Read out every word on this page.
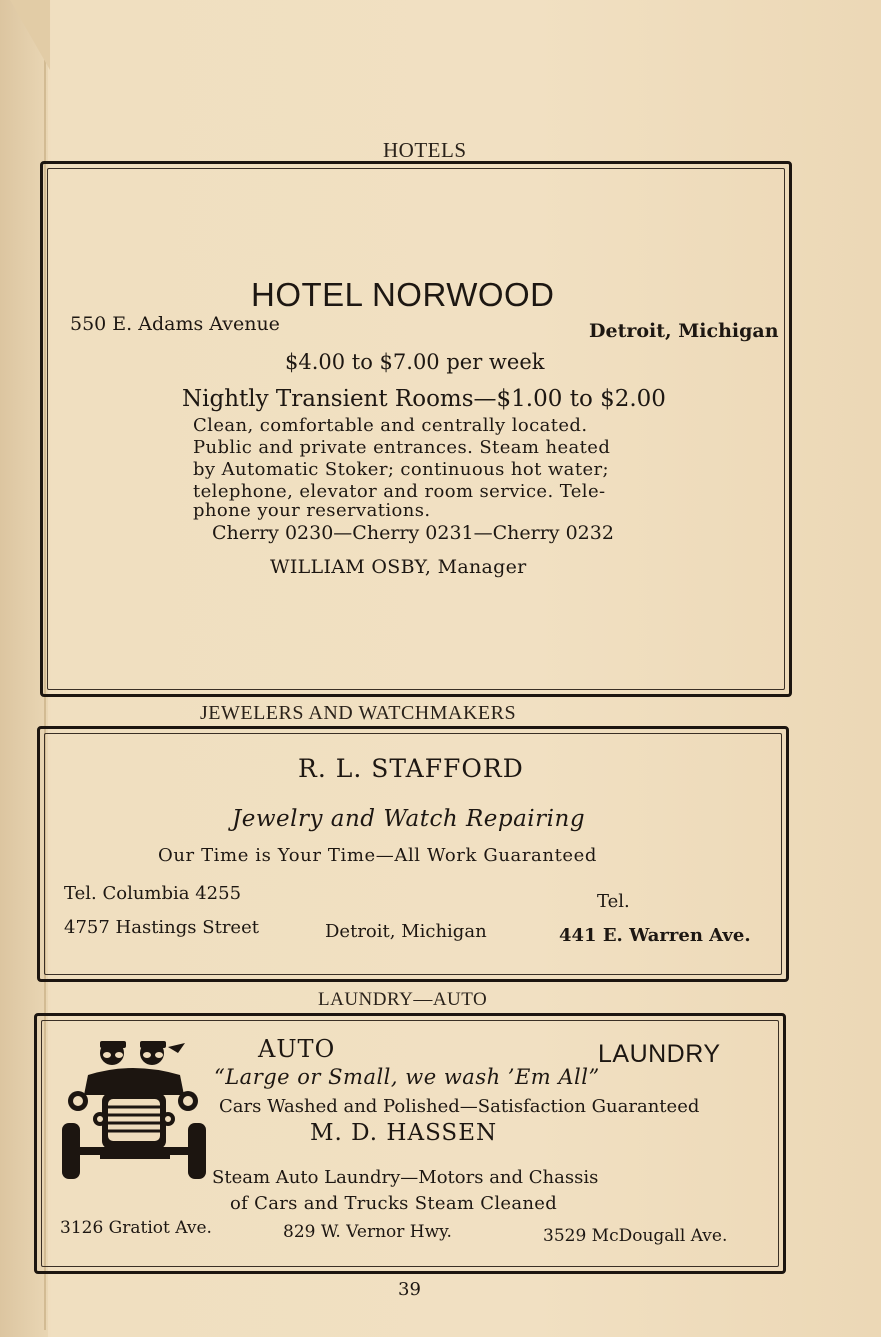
HOTELS
HOTEL NORWOOD
550 E. Adams Avenue	Detroit, Michigan
$4.00 to $7.00 per week
Nightly Transient Rooms—$1.00 to $2.00
Clean, comfortable and centrally located.
Public and private entrances. Steam heated
by Automatic Stoker; continuous hot water;
telephone, elevator and room service. Tele-
phone your reservations.
Cherry 0230—Cherry 0231—Cherry 0232
WILLIAM OSBY, Manager
JEWELERS AND WATCHMAKERS
R. L. STAFFORD
Jewelry and Watch Repairing
Our Time is Your Time—All Work Guaranteed
Tel. Columbia 4255	Tel.
4757 Hastings Street	Detroit, Michigan	441 E. Warren Ave.
LAUNDRY—AUTO
AUTO	LAUNDRY
“Large or Small, we wash ’Em All”
Cars Washed and Polished—Satisfaction Guaranteed
M. D. HASSEN
Steam Auto Laundry—Motors and Chassis
of Cars and Trucks Steam Cleaned
3126 Gratiot Ave.	829 W. Vernor Hwy.	3529 McDougall Ave.
39
